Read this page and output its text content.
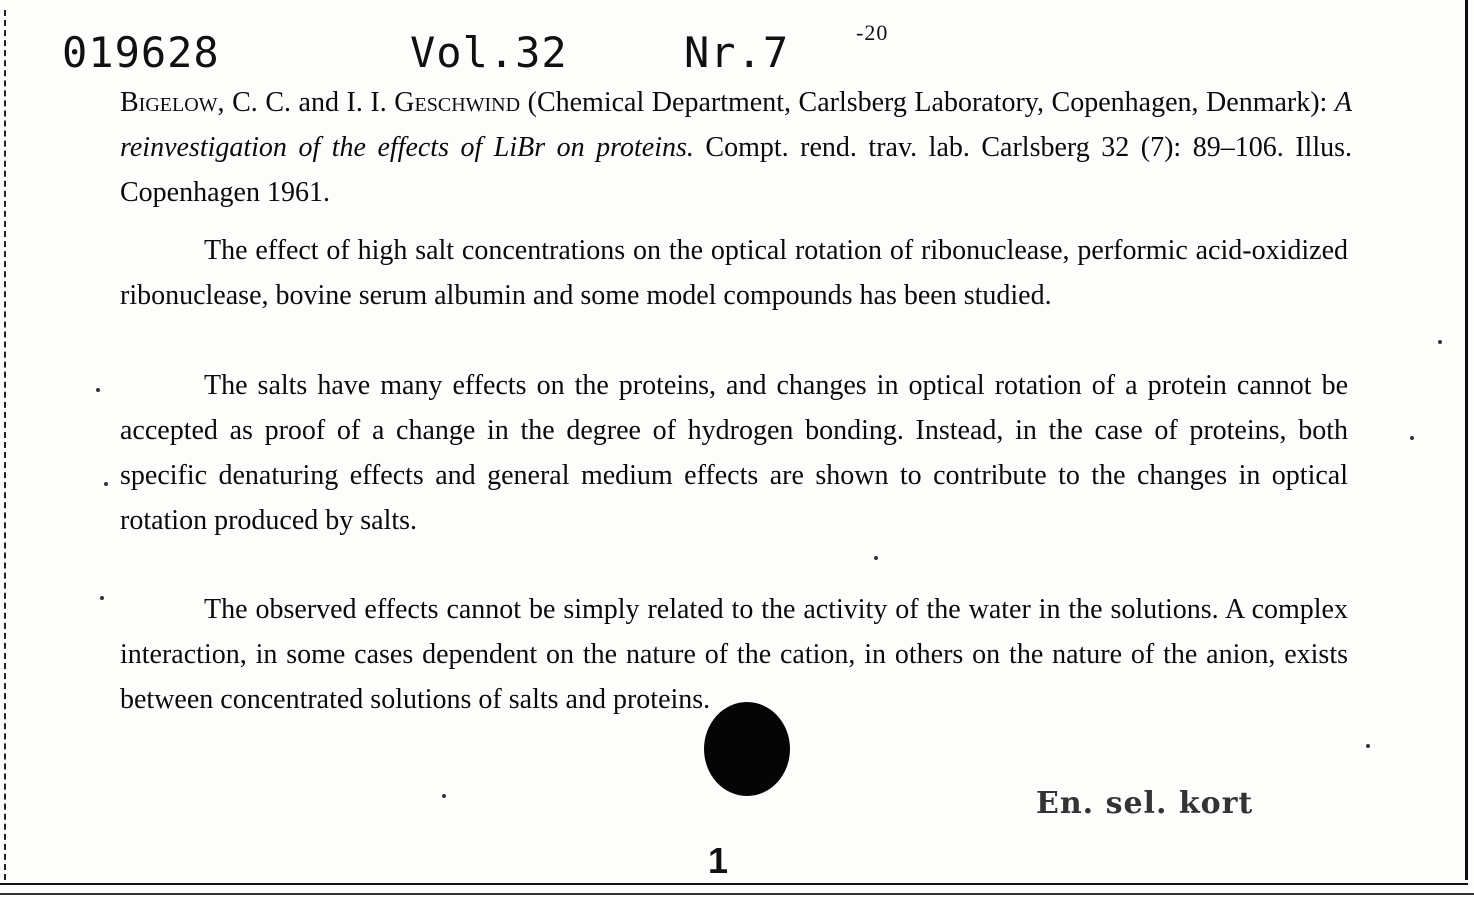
019628	Vol.32	Nr.7	-20
Bigelow, C. C. and I. I. Geschwind (Chemical Department, Carlsberg Laboratory, Copenhagen, Denmark): A reinvestigation of the effects of LiBr on proteins. Compt. rend. trav. lab. Carlsberg 32 (7): 89–106. Illus. Copenhagen 1961.
The effect of high salt concentrations on the optical rotation of ribonuclease, performic acid-oxidized ribonuclease, bovine serum albumin and some model compounds has been studied.
The salts have many effects on the proteins, and changes in optical rotation of a protein cannot be accepted as proof of a change in the degree of hydrogen bonding. Instead, in the case of proteins, both specific denaturing effects and general medium effects are shown to contribute to the changes in optical rotation produced by salts.
The observed effects cannot be simply related to the activity of the water in the solutions. A complex interaction, in some cases dependent on the nature of the cation, in others on the nature of the anion, exists between concentrated solutions of salts and proteins.
En. sel. kort
1
